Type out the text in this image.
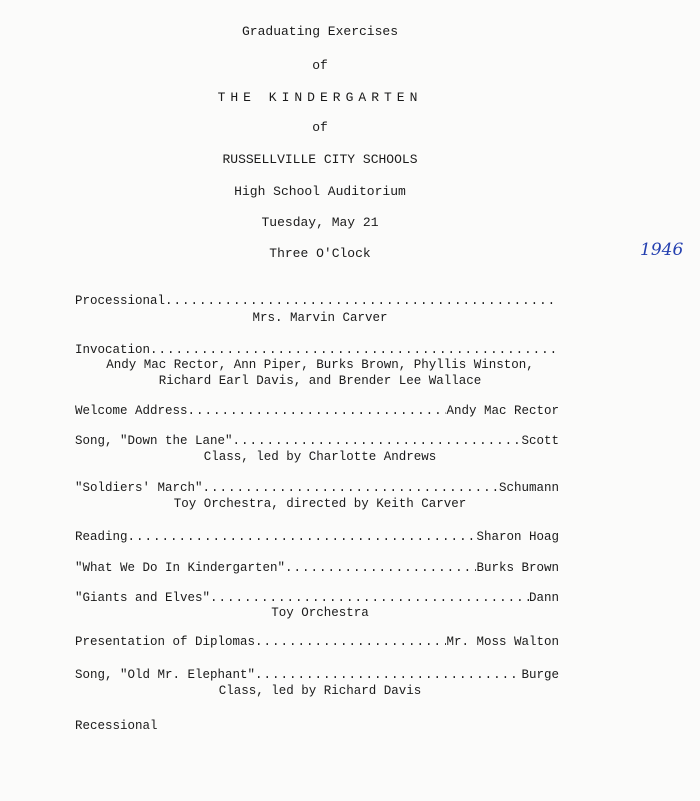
Graduating Exercises
of
THE KINDERGARTEN
of
RUSSELLVILLE CITY SCHOOLS
High School Auditorium
Tuesday, May 21
Three O'Clock	1946
Processional
.....
Mrs. Marvin Carver
Invocation
.....
Andy Mac Rector, Ann Piper, Burks Brown, Phyllis Winston,
Richard Earl Davis, and Brender Lee Wallace
Welcome Address .....	Andy Mac Rector
Song, "Down the Lane" .....	Scott
Class, led by Charlotte Andrews
"Soldiers' March" .....	Schumann
Toy Orchestra, directed by Keith Carver
Reading .....	Sharon Hoag
"What We Do In Kindergarten" .....	Burks Brown
"Giants and Elves" .....	Dann
Toy Orchestra
Presentation of Diplomas .....	Mr. Moss Walton
Song, "Old Mr. Elephant" .....	Burge
Class, led by Richard Davis
Recessional
